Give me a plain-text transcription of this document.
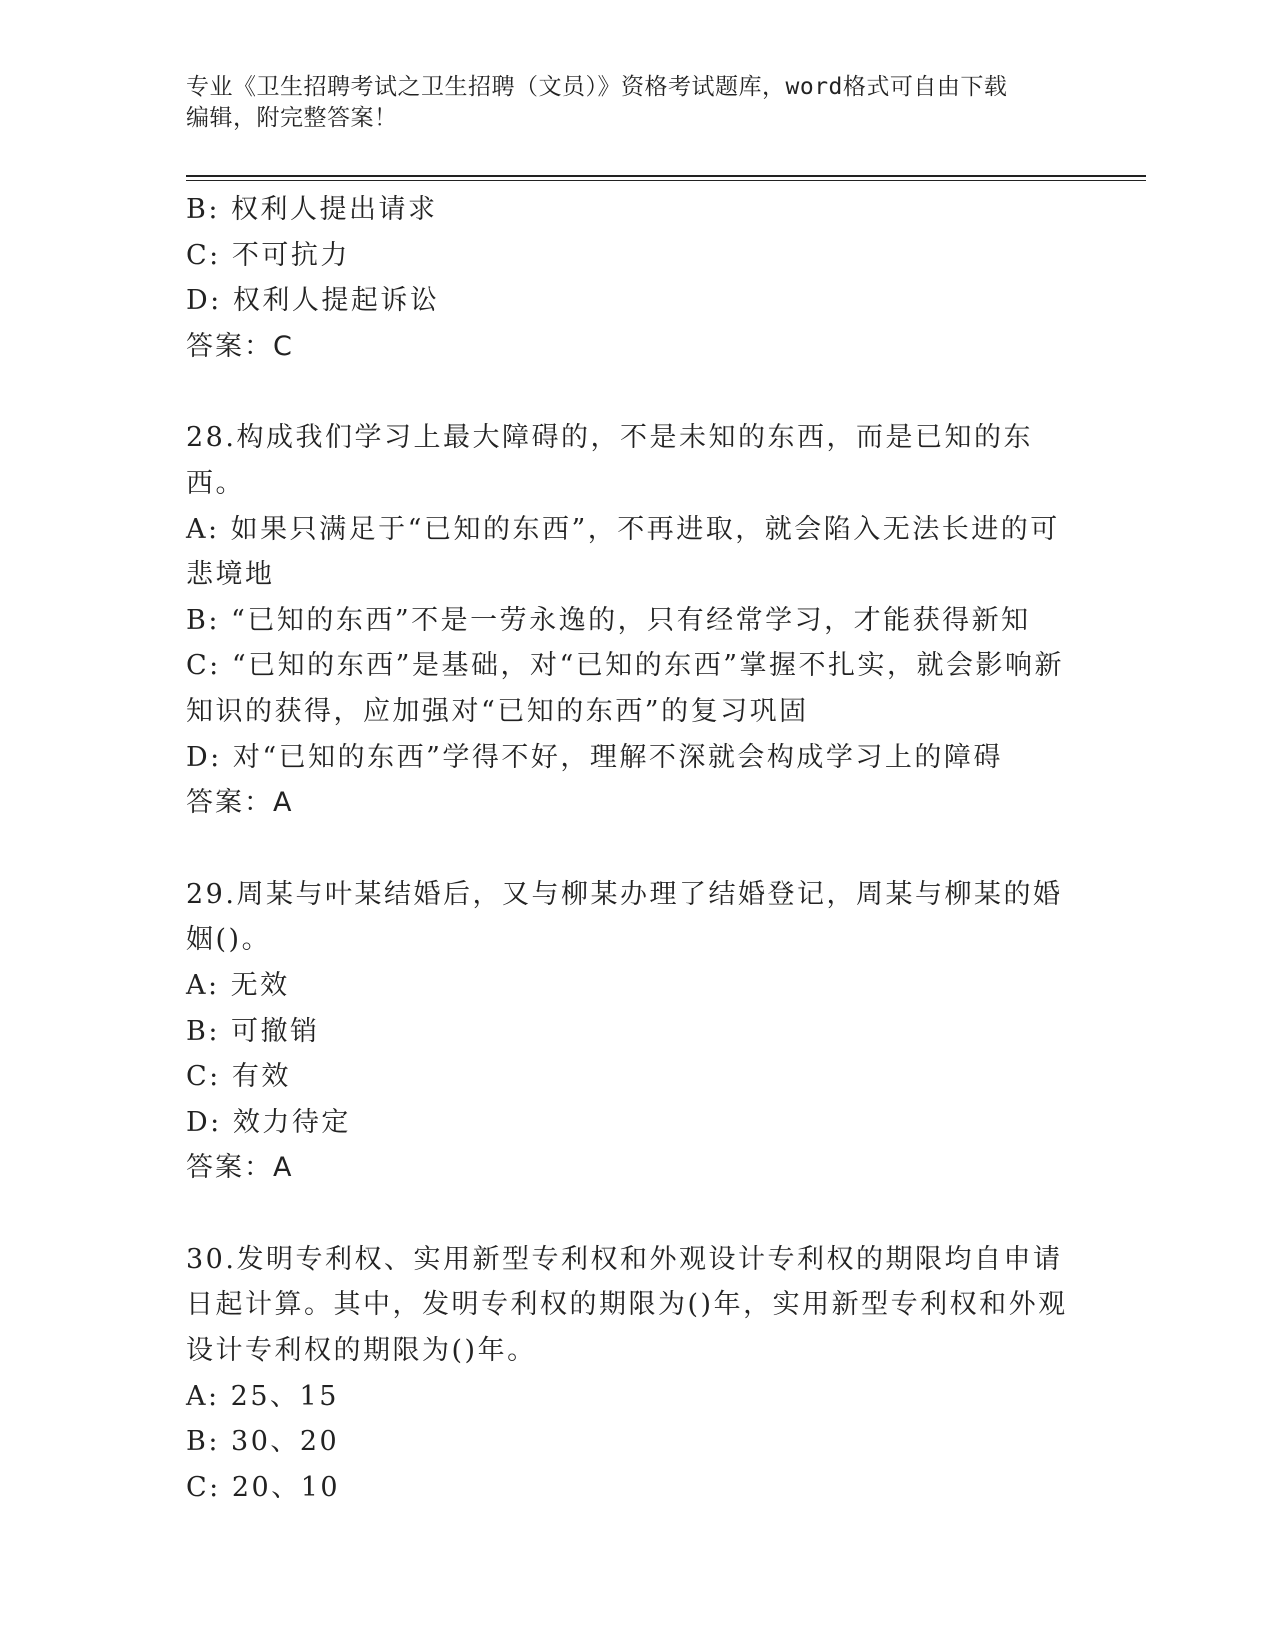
专业《卫生招聘考试之卫生招聘（文员）》资格考试题库，word格式可自由下载
编辑，附完整答案！

B: 权利人提出请求

C: 不可抗力

D: 权利人提起诉讼

答案：C

28.构成我们学习上最大障碍的，不是未知的东西，而是已知的东西。

A: 如果只满足于“已知的东西”，不再进取，就会陷入无法长进的可悲境地

B: “已知的东西”不是一劳永逸的，只有经常学习，才能获得新知

C: “已知的东西”是基础，对“已知的东西”掌握不扎实，就会影响新知识的获得，应加强对“已知的东西”的复习巩固

D: 对“已知的东西”学得不好，理解不深就会构成学习上的障碍

答案：A

29.周某与叶某结婚后，又与柳某办理了结婚登记，周某与柳某的婚姻()。

A: 无效

B: 可撤销

C: 有效

D: 效力待定

答案：A

30.发明专利权、实用新型专利权和外观设计专利权的期限均自申请日起计算。其中，发明专利权的期限为()年，实用新型专利权和外观设计专利权的期限为()年。

A: 25、15

B: 30、20

C: 20、10
